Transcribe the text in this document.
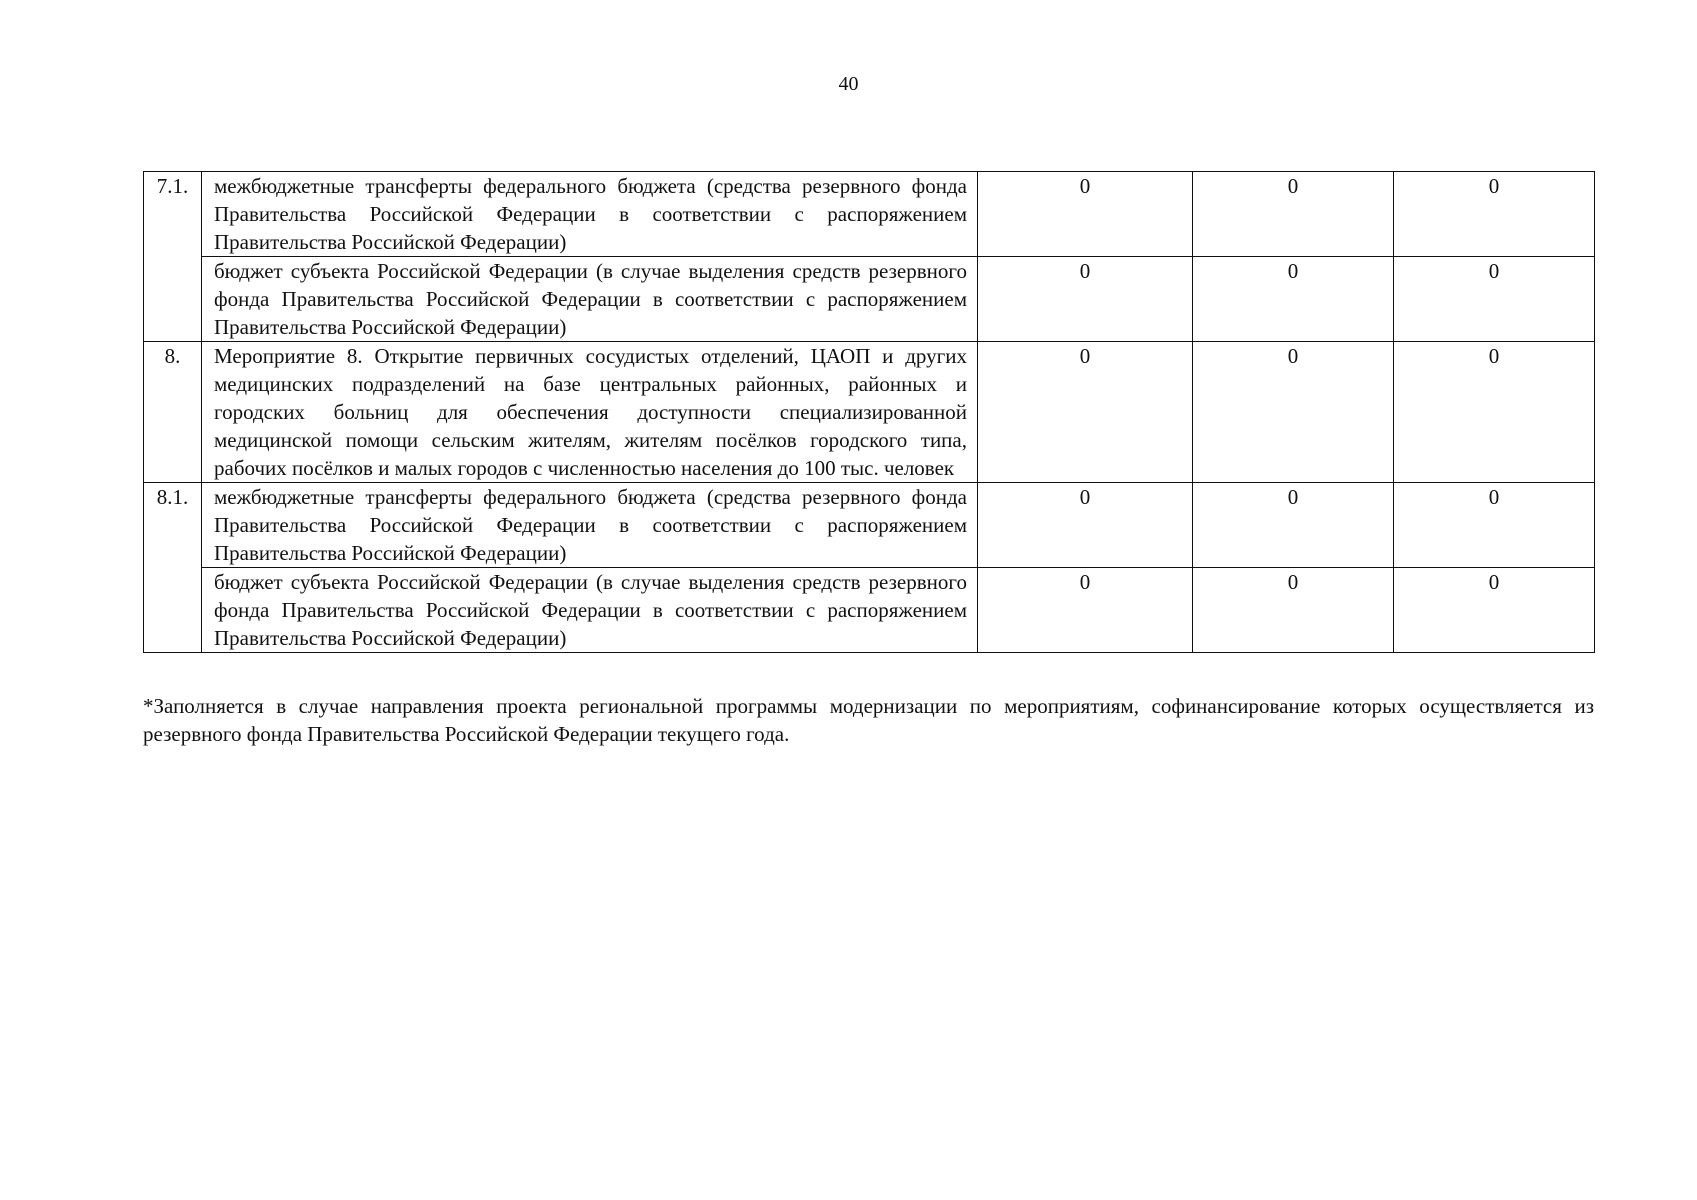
40
7.1.	межбюджетные трансферты федерального бюджета (средства резервного фонда Правительства Российской Федерации в соответствии с распоряжением Правительства Российской Федерации)	0	0	0
	бюджет субъекта Российской Федерации (в случае выделения средств резервного фонда Правительства Российской Федерации в соответствии с распоряжением Правительства Российской Федерации)	0	0	0
8.	Мероприятие 8. Открытие первичных сосудистых отделений, ЦАОП и других медицинских подразделений на базе центральных районных, районных и городских больниц для обеспечения доступности специализированной медицинской помощи сельским жителям, жителям посёлков городского типа, рабочих посёлков и малых городов с численностью населения до 100 тыс. человек	0	0	0
8.1.	межбюджетные трансферты федерального бюджета (средства резервного фонда Правительства Российской Федерации в соответствии с распоряжением Правительства Российской Федерации)	0	0	0
	бюджет субъекта Российской Федерации (в случае выделения средств резервного фонда Правительства Российской Федерации в соответствии с распоряжением Правительства Российской Федерации)	0	0	0
*Заполняется в случае направления проекта региональной программы модернизации по мероприятиям, софинансирование которых осуществляется из резервного фонда Правительства Российской Федерации текущего года.
